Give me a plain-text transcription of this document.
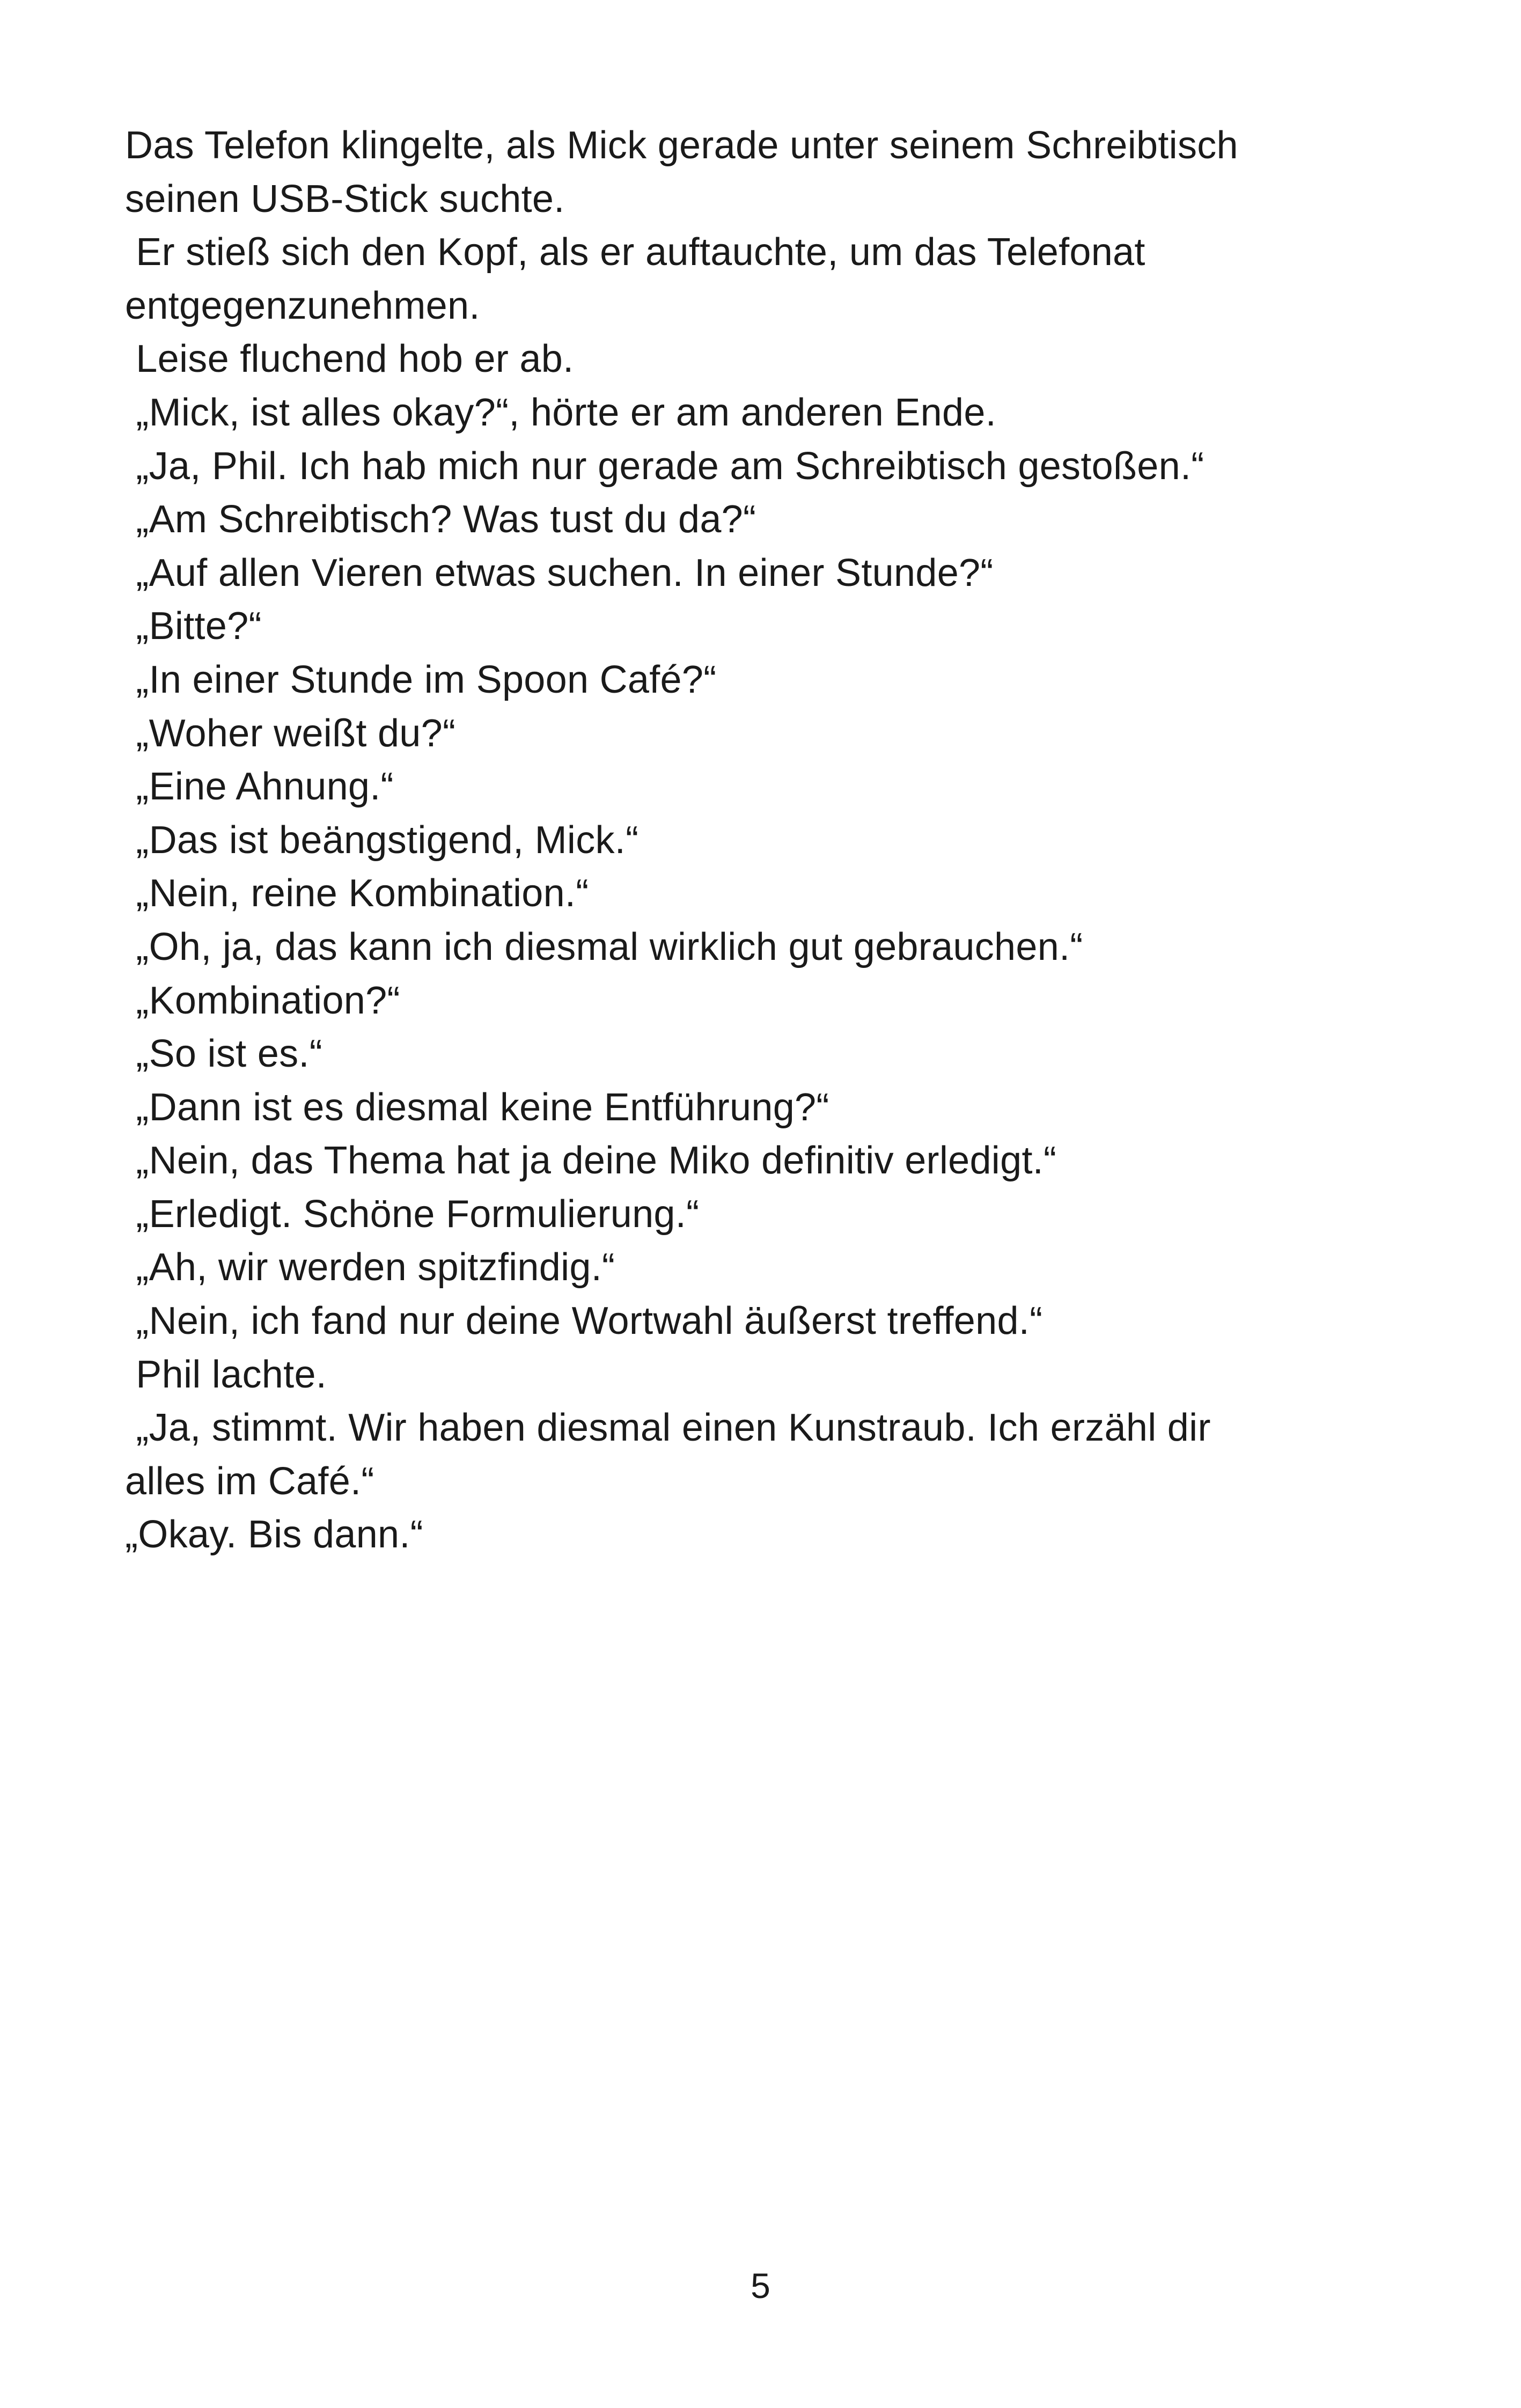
Das Telefon klingelte, als Mick gerade unter seinem Schreibtisch
seinen USB-Stick suchte.
Er stieß sich den Kopf, als er auftauchte, um das Telefonat
entgegenzunehmen.
Leise fluchend hob er ab.
„Mick, ist alles okay?“, hörte er am anderen Ende.
„Ja, Phil. Ich hab mich nur gerade am Schreibtisch gestoßen.“
„Am Schreibtisch? Was tust du da?“
„Auf allen Vieren etwas suchen. In einer Stunde?“
„Bitte?“
„In einer Stunde im Spoon Café?“
„Woher weißt du?“
„Eine Ahnung.“
„Das ist beängstigend, Mick.“
„Nein, reine Kombination.“
„Oh, ja, das kann ich diesmal wirklich gut gebrauchen.“
„Kombination?“
„So ist es.“
„Dann ist es diesmal keine Entführung?“
„Nein, das Thema hat ja deine Miko definitiv erledigt.“
„Erledigt. Schöne Formulierung.“
„Ah, wir werden spitzfindig.“
„Nein, ich fand nur deine Wortwahl äußerst treffend.“
Phil lachte.
„Ja, stimmt. Wir haben diesmal einen Kunstraub. Ich erzähl dir
alles im Café.“
„Okay. Bis dann.“
5
